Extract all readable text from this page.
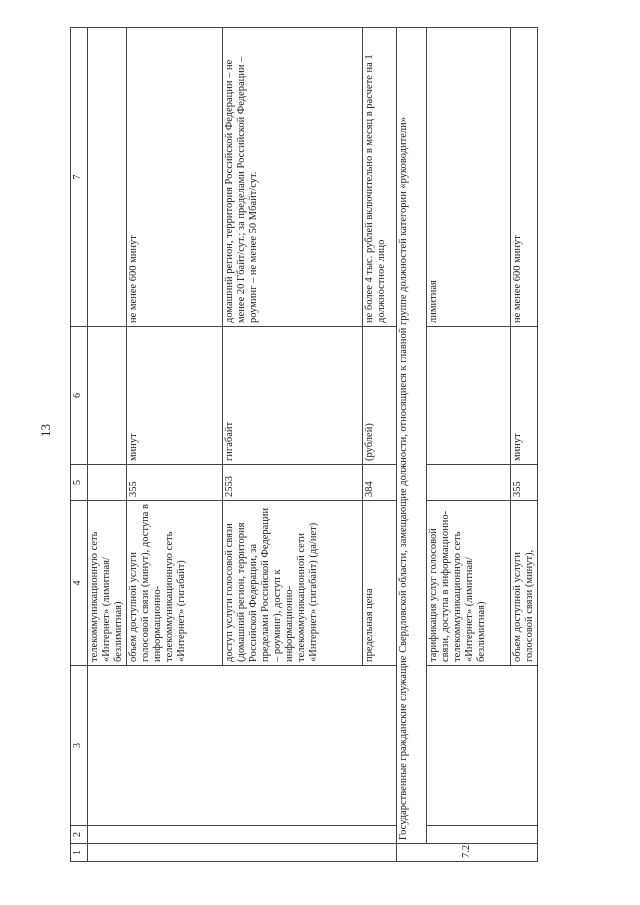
13
1	2	3	4	5	6	7
			телекоммуникационную сеть «Интернет» (лимитная/безлимитная)			
			объем доступной услуги голосовой связи (минут), доступа в информационно-телекоммуникационную сеть «Интернет» (гигабайт)	355	минут	не менее 600 минут
			доступ услуги голосовой связи (домашний регион, территория Российской Федерации, за пределами Российской Федерации – роуминг), доступ к информационно-телекоммуникационной сети «Интернет» (гигабайт) (да/нет)	2553	гигабайт	домашний регион, территория Российской Федерации – не менее 20 Гбайт/сут.; за пределами Российской Федерации – роуминг – не менее 50 Мбайт/сут.
			предельная цена	384	(рублей)	не более 4 тыс. рублей включительно в месяц в расчете на 1 должностное лицо
7.2	Государственные гражданские служащие Свердловской области, замещающие должности, относящиеся к главной группе должностей категории «руководители»					
			тарификация услуг голосовой связи, доступа в информационно-телекоммуникационную сеть «Интернет» (лимитная/безлимитная)			лимитная
			объем доступной услуги голосовой связи (минут),	355	минут	не менее 600 минут
